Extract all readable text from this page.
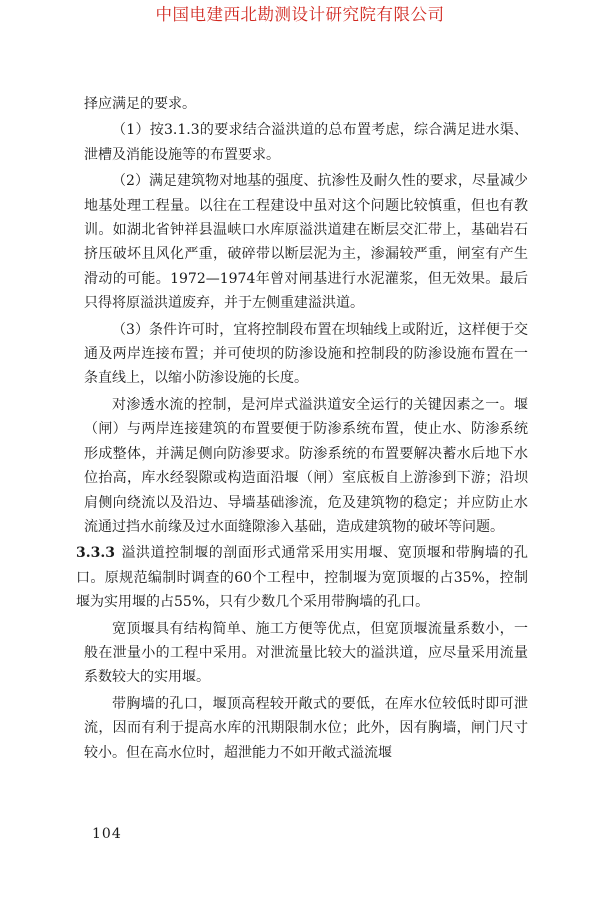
中国电建西北勘测设计研究院有限公司

择应满足的要求。

（1）按3.1.3的要求结合溢洪道的总布置考虑，综合满足进水渠、泄槽及消能设施等的布置要求。

（2）满足建筑物对地基的强度、抗渗性及耐久性的要求，尽量减少地基处理工程量。以往在工程建设中虽对这个问题比较慎重，但也有教训。如湖北省钟祥县温峡口水库原溢洪道建在断层交汇带上，基础岩石挤压破坏且风化严重，破碎带以断层泥为主，渗漏较严重，闸室有产生滑动的可能。1972—1974年曾对闸基进行水泥灌浆，但无效果。最后只得将原溢洪道废弃，并于左侧重建溢洪道。

（3）条件许可时，宜将控制段布置在坝轴线上或附近，这样便于交通及两岸连接布置；并可使坝的防渗设施和控制段的防渗设施布置在一条直线上，以缩小防渗设施的长度。

对渗透水流的控制，是河岸式溢洪道安全运行的关键因素之一。堰（闸）与两岸连接建筑的布置要便于防渗系统布置，使止水、防渗系统形成整体，并满足侧向防渗要求。防渗系统的布置要解决蓄水后地下水位抬高，库水经裂隙或构造面沿堰（闸）室底板自上游渗到下游；沿坝肩侧向绕流以及沿边、导墙基础渗流，危及建筑物的稳定；并应防止水流通过挡水前缘及过水面缝隙渗入基础，造成建筑物的破坏等问题。

3.3.3 溢洪道控制堰的剖面形式通常采用实用堰、宽顶堰和带胸墙的孔口。原规范编制时调查的60个工程中，控制堰为宽顶堰的占35%，控制堰为实用堰的占55%，只有少数几个采用带胸墙的孔口。

宽顶堰具有结构简单、施工方便等优点，但宽顶堰流量系数小，一般在泄量小的工程中采用。对泄流量比较大的溢洪道，应尽量采用流量系数较大的实用堰。

带胸墙的孔口，堰顶高程较开敞式的要低，在库水位较低时即可泄流，因而有利于提高水库的汛期限制水位；此外，因有胸墙，闸门尺寸较小。但在高水位时，超泄能力不如开敞式溢流堰

104
